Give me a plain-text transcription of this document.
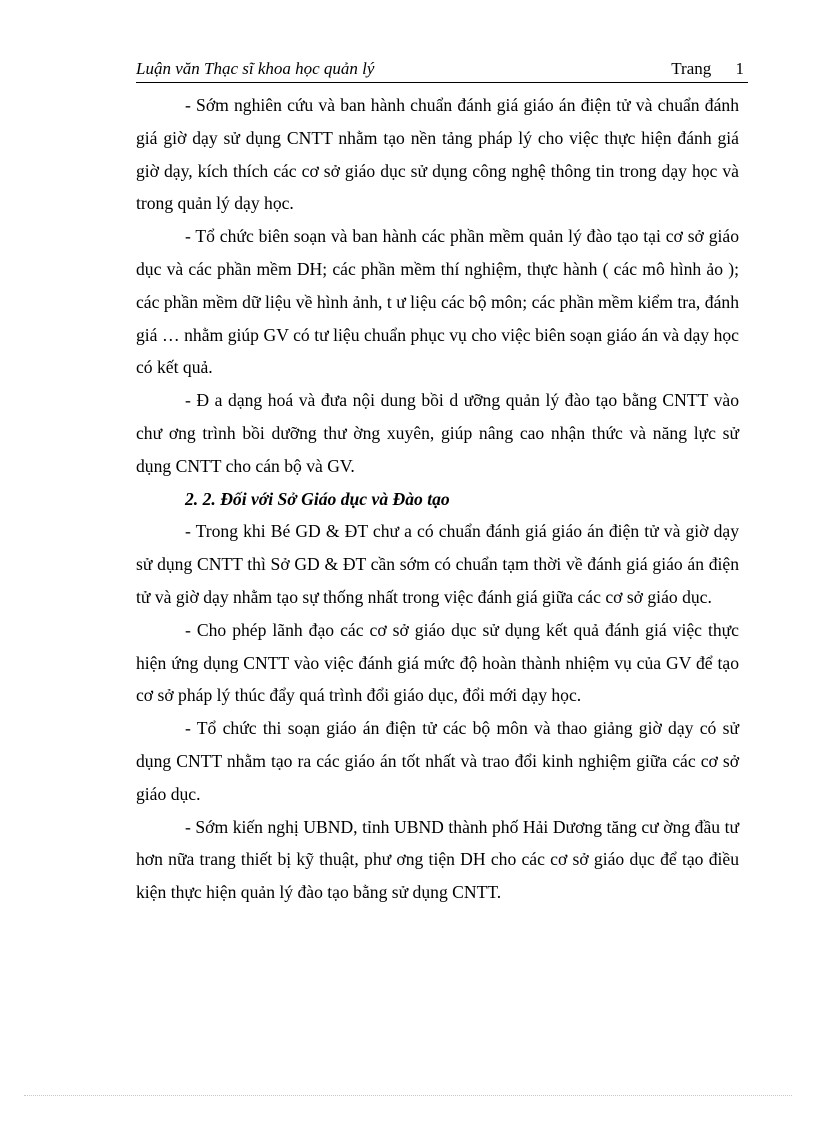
Luận văn Thạc sĩ khoa học quản lý	Trang 1

- Sớm nghiên cứu và ban hành chuẩn đánh giá giáo án điện tử và chuẩn đánh giá giờ dạy sử dụng CNTT nhằm tạo nền tảng pháp lý cho việc thực hiện đánh giá giờ dạy, kích thích các cơ sở giáo dục sử dụng công nghệ thông tin trong dạy học và trong quản lý dạy học.

- Tổ chức biên soạn và ban hành các phần mềm quản lý đào tạo tại cơ sở giáo dục và các phần mềm DH; các phần mềm thí nghiệm, thực hành ( các mô hình ảo ); các phần mềm dữ liệu về hình ảnh, t ư liệu các bộ môn; các phần mềm kiểm tra, đánh giá … nhằm giúp GV có tư liệu chuẩn phục vụ cho việc biên soạn giáo án và dạy học có kết quả.

- Đ a dạng hoá và đưa nội dung bồi d ưỡng quản lý đào tạo bằng CNTT vào chư ơng trình bồi dưỡng thư ờng xuyên, giúp nâng cao nhận thức và năng lực sử dụng CNTT cho cán bộ và GV.

2. 2. Đối với Sở Giáo dục và Đào tạo

- Trong khi Bé GD & ĐT chư a có chuẩn đánh giá giáo án điện tử và giờ dạy sử dụng CNTT thì Sở GD & ĐT cần sớm có chuẩn tạm thời về đánh giá giáo án điện tử và giờ dạy nhằm tạo sự thống nhất trong việc đánh giá giữa các cơ sở giáo dục.

- Cho phép lãnh đạo các cơ sở giáo dục sử dụng kết quả đánh giá việc thực hiện ứng dụng CNTT vào việc đánh giá mức độ hoàn thành nhiệm vụ của GV để tạo cơ sở pháp lý thúc đẩy quá trình đổi giáo dục, đổi mới dạy học.

- Tổ chức thi soạn giáo án điện tử các bộ môn và thao giảng giờ dạy có sử dụng CNTT nhằm tạo ra các giáo án tốt nhất và trao đổi kinh nghiệm giữa các cơ sở giáo dục.

- Sớm kiến nghị UBND, tỉnh UBND thành phố Hải Dương tăng cư ờng đầu tư hơn nữa trang thiết bị kỹ thuật, phư ơng tiện DH cho các cơ sở giáo dục để tạo điều kiện thực hiện quản lý đào tạo bằng sử dụng CNTT.
